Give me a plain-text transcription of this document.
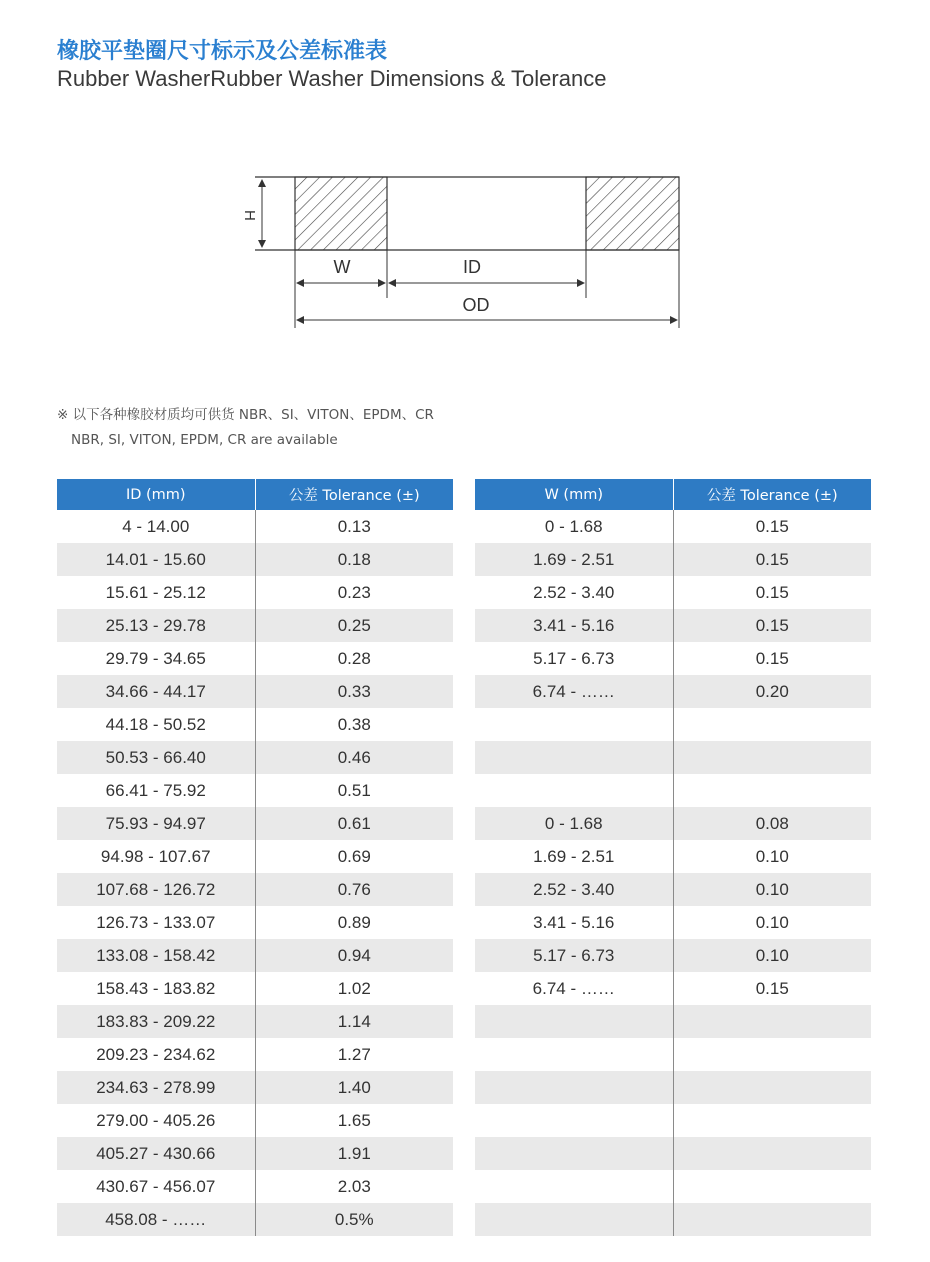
橡胶平垫圈尺寸标示及公差标准表
Rubber WasherRubber Washer Dimensions & Tolerance
H
W	ID
OD
※ 以下各种橡胶材质均可供货 NBR、SI、VITON、EPDM、CR
NBR, SI, VITON, EPDM, CR are available
ID (mm)	公差 Tolerance (±)
4 - 14.00	0.13
14.01 - 15.60	0.18
15.61 - 25.12	0.23
25.13 - 29.78	0.25
29.79 - 34.65	0.28
34.66 - 44.17	0.33
44.18 - 50.52	0.38
50.53 - 66.40	0.46
66.41 - 75.92	0.51
75.93 - 94.97	0.61
94.98 - 107.67	0.69
107.68 - 126.72	0.76
126.73 - 133.07	0.89
133.08 - 158.42	0.94
158.43 - 183.82	1.02
183.83 - 209.22	1.14
209.23 - 234.62	1.27
234.63 - 278.99	1.40
279.00 - 405.26	1.65
405.27 - 430.66	1.91
430.67 - 456.07	2.03
458.08 - ……	0.5%
W (mm)	公差 Tolerance (±)
0 - 1.68	0.15
1.69 - 2.51	0.15
2.52 - 3.40	0.15
3.41 - 5.16	0.15
5.17 - 6.73	0.15
6.74 - ……	0.20

0 - 1.68	0.08
1.69 - 2.51	0.10
2.52 - 3.40	0.10
3.41 - 5.16	0.10
5.17 - 6.73	0.10
6.74 - ……	0.15
